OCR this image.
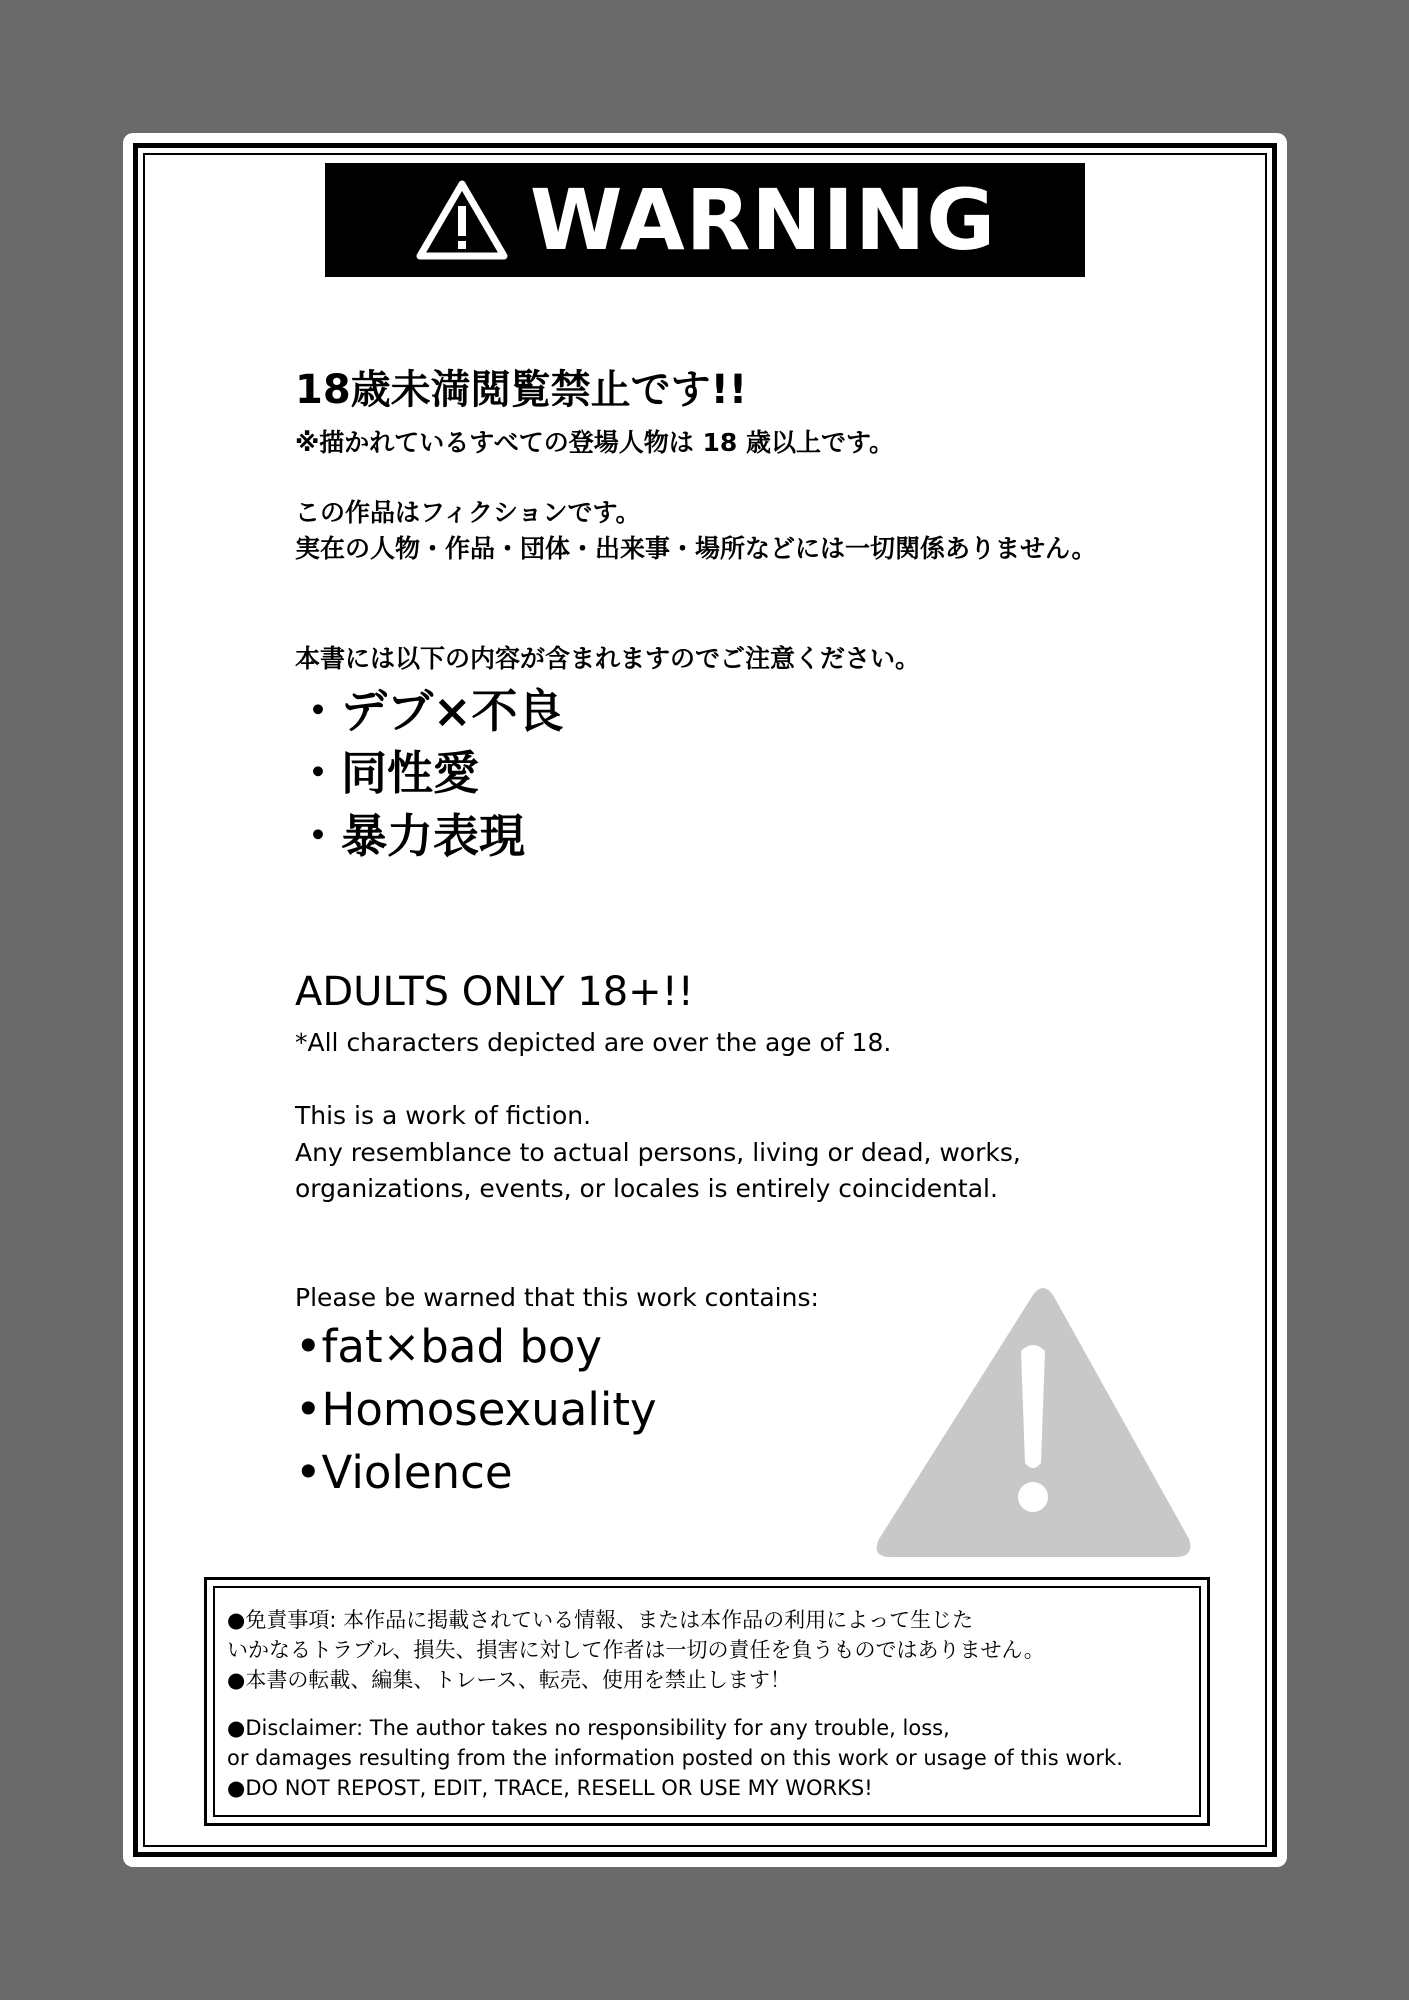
WARNING
18歳未満閲覧禁止です!!
※描かれているすべての登場人物は 18 歳以上です。
この作品はフィクションです。
実在の人物・作品・団体・出来事・場所などには一切関係ありません。
本書には以下の内容が含まれますのでご注意ください。
・デブ×不良
・同性愛
・暴力表現
ADULTS ONLY 18+!!
*All characters depicted are over the age of 18.
This is a work of fiction.
Any resemblance to actual persons, living or dead, works,
organizations, events, or locales is entirely coincidental.
Please be warned that this work contains:
•fat×bad boy
•Homosexuality
•Violence
●免責事項: 本作品に掲載されている情報、または本作品の利用によって生じた
いかなるトラブル、損失、損害に対して作者は一切の責任を負うものではありません。
●本書の転載、編集、トレース、転売、使用を禁止します！
●Disclaimer: The author takes no responsibility for any trouble, loss,
or damages resulting from the information posted on this work or usage of this work.
●DO NOT REPOST, EDIT, TRACE, RESELL OR USE MY WORKS!
